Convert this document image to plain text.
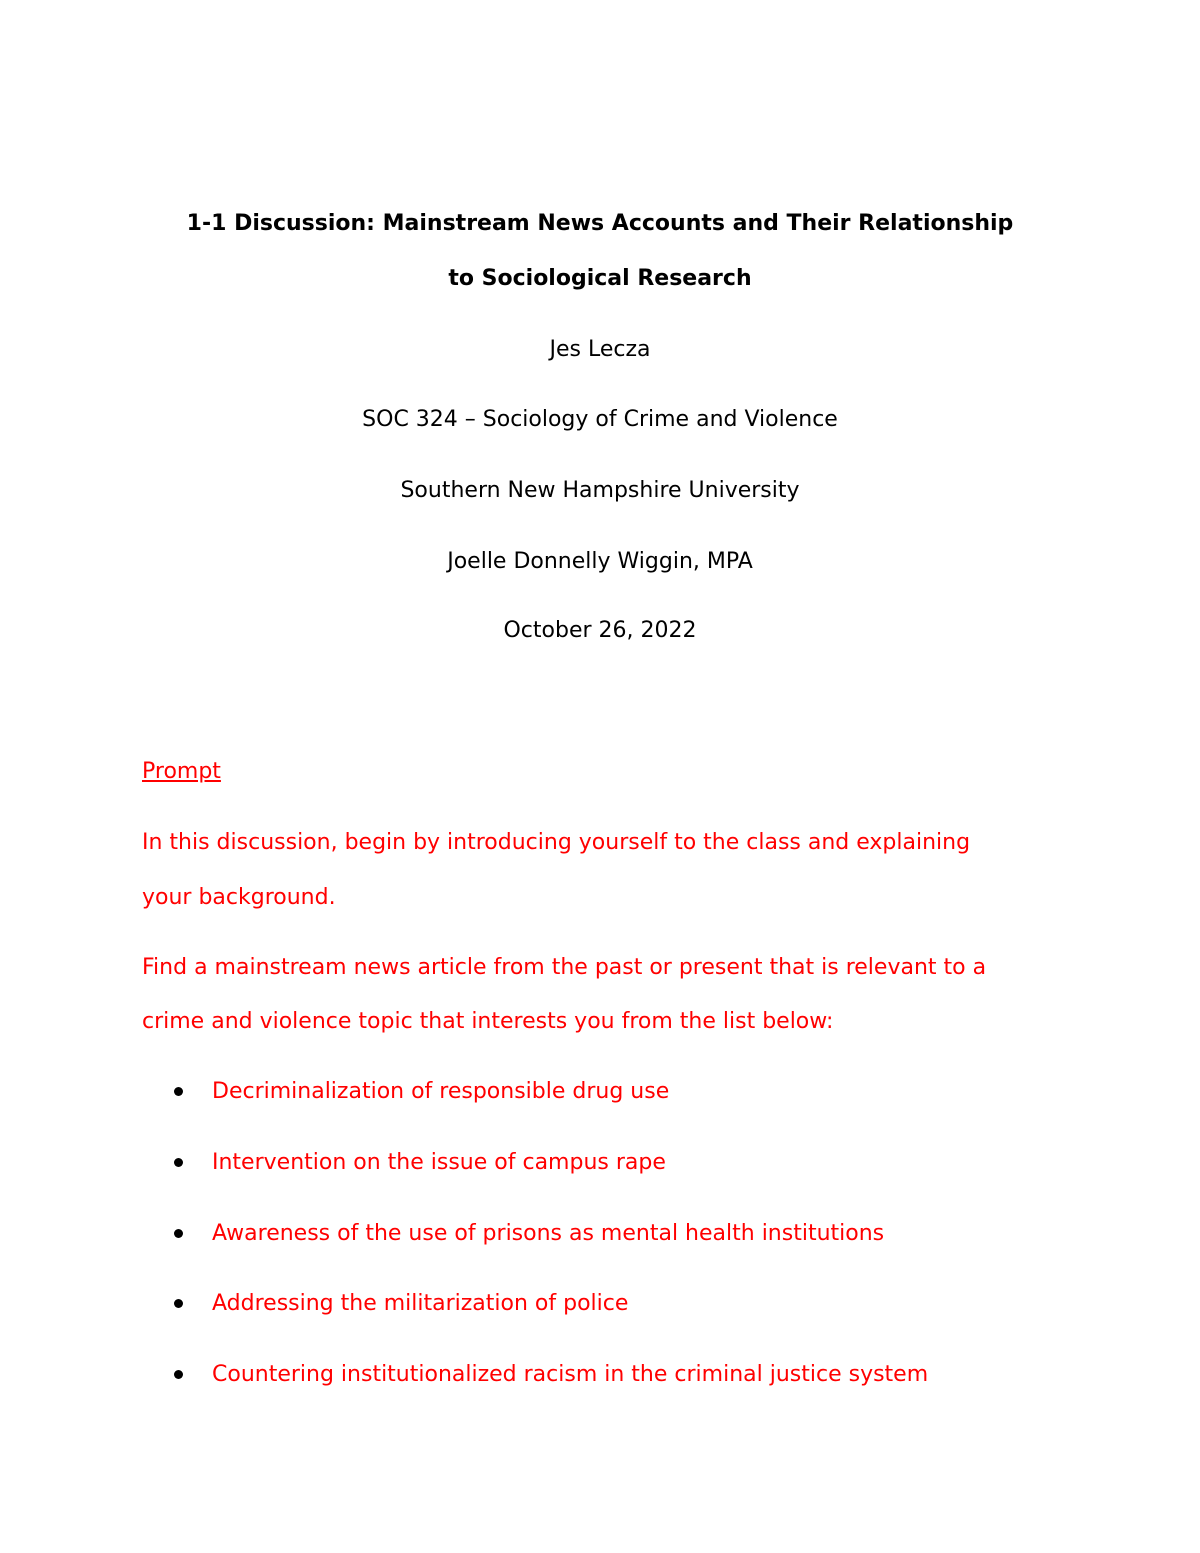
1-1 Discussion: Mainstream News Accounts and Their Relationship
to Sociological Research
Jes Lecza
SOC 324 – Sociology of Crime and Violence
Southern New Hampshire University
Joelle Donnelly Wiggin, MPA
October 26, 2022
Prompt
In this discussion, begin by introducing yourself to the class and explaining
your background.
Find a mainstream news article from the past or present that is relevant to a
crime and violence topic that interests you from the list below:
Decriminalization of responsible drug use
Intervention on the issue of campus rape
Awareness of the use of prisons as mental health institutions
Addressing the militarization of police
Countering institutionalized racism in the criminal justice system
